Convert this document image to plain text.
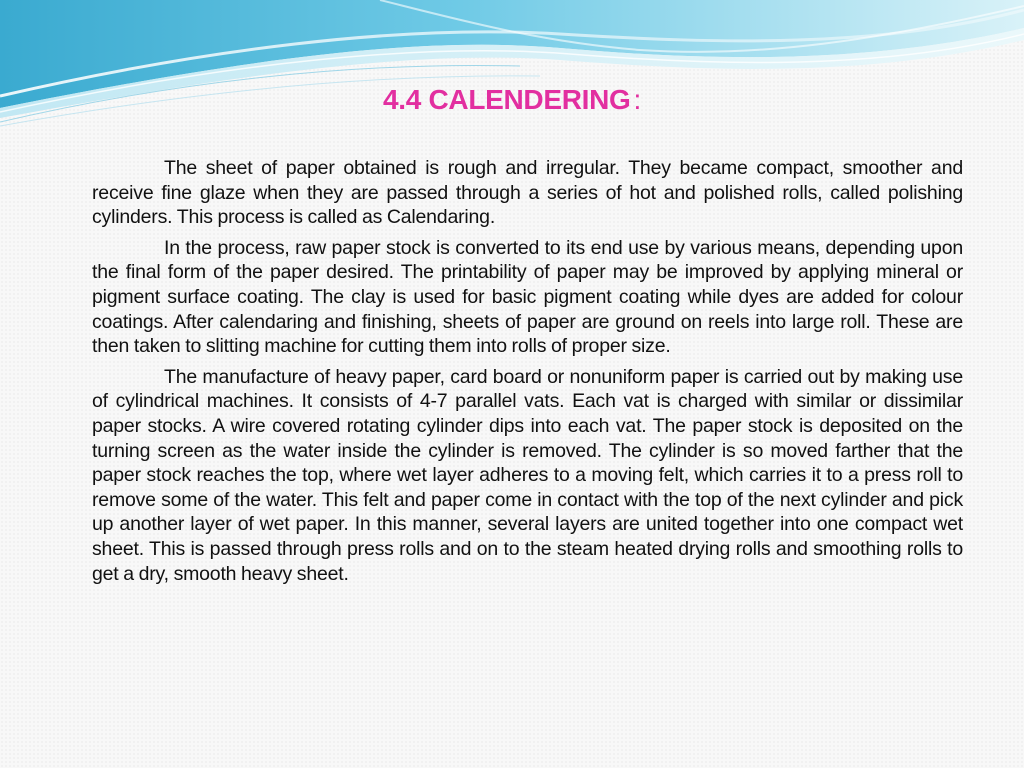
4.4 CALENDERING :

The sheet of paper obtained is rough and irregular. They became compact, smoother and receive fine glaze when they are passed through a series of hot and polished rolls, called polishing cylinders. This process is called as Calendaring.

In the process, raw paper stock is converted to its end use by various means, depending upon the final form of the paper desired. The printability of paper may be improved by applying mineral or pigment surface coating. The clay is used for basic pigment coating while dyes are added for colour coatings. After calendaring and finishing, sheets of paper are ground on reels into large roll. These are then taken to slitting machine for cutting them into rolls of proper size.

The manufacture of heavy paper, card board or nonuniform paper is carried out by making use of cylindrical machines. It consists of 4-7 parallel vats. Each vat is charged with similar or dissimilar paper stocks. A wire covered rotating cylinder dips into each vat. The paper stock is deposited on the turning screen as the water inside the cylinder is removed. The cylinder is so moved farther that the paper stock reaches the top, where wet layer adheres to a moving felt, which carries it to a press roll to remove some of the water. This felt and paper come in contact with the top of the next cylinder and pick up another layer of wet paper. In this manner, several layers are united together into one compact wet sheet. This is passed through press rolls and on to the steam heated drying rolls and smoothing rolls to get a dry, smooth heavy sheet.
